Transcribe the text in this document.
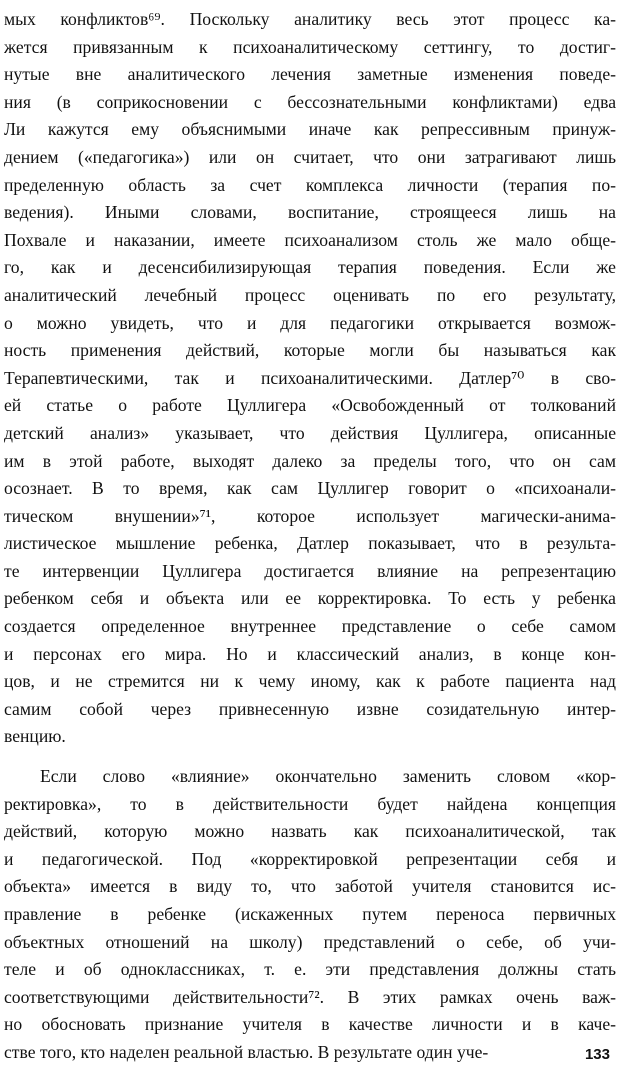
мых конфликтов⁶⁹. Поскольку аналитику весь этот процесс ка-
жется привязанным к психоаналитическому сеттингу, то достиг-
нутые вне аналитического лечения заметные изменения поведе-
ния (в соприкосновении с бессознательными конфликтами) едва
Ли кажутся ему объяснимыми иначе как репрессивным принуж-
дением («педагогика») или он считает, что они затрагивают лишь
пределенную область за счет комплекса личности (терапия по-
ведения). Иными словами, воспитание, строящееся лишь на
Похвале и наказании, имеете психоанализом столь же мало обще-
го, как и десенсибилизирующая терапия поведения. Если же
аналитический лечебный процесс оценивать по его результату,
о можно увидеть, что и для педагогики открывается возмож-
ность применения действий, которые могли бы называться как
Терапевтическими, так и психоаналитическими. Датлер⁷⁰ в сво-
ей статье о работе Цуллигера «Освобожденный от толкований
детский анализ» указывает, что действия Цуллигера, описанные
им в этой работе, выходят далеко за пределы того, что он сам
осознает. В то время, как сам Цуллигер говорит о «психоанали-
тическом внушении»⁷¹, которое использует магически-анима-
листическое мышление ребенка, Датлер показывает, что в результа-
те интервенции Цуллигера достигается влияние на репрезентацию
ребенком себя и объекта или ее корректировка. То есть у ребенка
создается определенное внутреннее представление о себе самом
и персонах его мира. Но и классический анализ, в конце кон-
цов, и не стремится ни к чему иному, как к работе пациента над
самим собой через привнесенную извне созидательную интер-
венцию.
Если слово «влияние» окончательно заменить словом «кор-
ректировка», то в действительности будет найдена концепция
действий, которую можно назвать как психоаналитической, так
и педагогической. Под «корректировкой репрезентации себя и
объекта» имеется в виду то, что заботой учителя становится ис-
правление в ребенке (искаженных путем переноса первичных
объектных отношений на школу) представлений о себе, об учи-
теле и об одноклассниках, т. е. эти представления должны стать
соответствующими действительности⁷². В этих рамках очень важ-
но обосновать признание учителя в качестве личности и в каче-
стве того, кто наделен реальной властью. В результате один уче-	133
